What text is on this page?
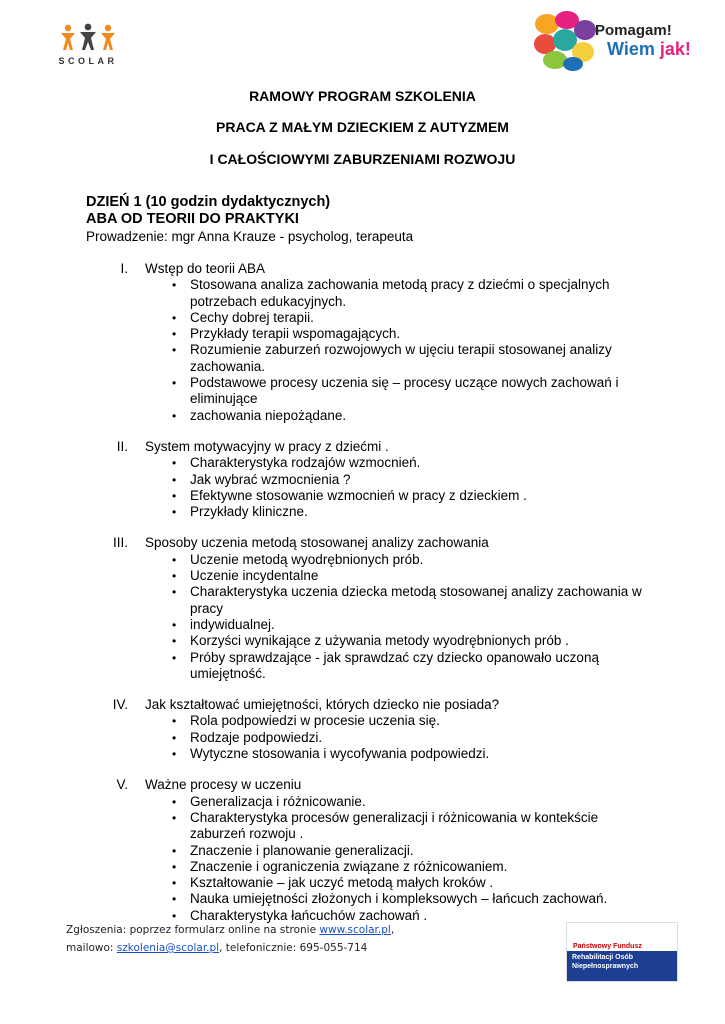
SCOLAR
Pomagam!
Wiem jak!
RAMOWY PROGRAM SZKOLENIA
PRACA Z MAŁYM DZIECKIEM Z AUTYZMEM
I CAŁOŚCIOWYMI ZABURZENIAMI ROZWOJU
DZIEŃ 1 (10 godzin dydaktycznych)
ABA OD TEORII DO PRAKTYKI
Prowadzenie: mgr Anna Krauze - psycholog, terapeuta
I. Wstęp do teorii ABA
• Stosowana analiza zachowania metodą pracy z dziećmi o specjalnych potrzebach edukacyjnych.
• Cechy dobrej terapii.
• Przykłady terapii wspomagających.
• Rozumienie zaburzeń rozwojowych w ujęciu terapii stosowanej analizy zachowania.
• Podstawowe procesy uczenia się – procesy uczące nowych zachowań i eliminujące
• zachowania niepożądane.
II. System motywacyjny w pracy z dziećmi .
• Charakterystyka rodzajów wzmocnień.
• Jak wybrać wzmocnienia ?
• Efektywne stosowanie wzmocnień w pracy z dzieckiem .
• Przykłady kliniczne.
III. Sposoby uczenia metodą stosowanej analizy zachowania
• Uczenie metodą wyodrębnionych prób.
• Uczenie incydentalne
• Charakterystyka uczenia dziecka metodą stosowanej analizy zachowania w pracy
• indywidualnej.
• Korzyści wynikające z używania metody wyodrębnionych prób .
• Próby sprawdzające - jak sprawdzać czy dziecko opanowało uczoną umiejętność.
IV. Jak kształtować umiejętności, których dziecko nie posiada?
• Rola podpowiedzi w procesie uczenia się.
• Rodzaje podpowiedzi.
• Wytyczne stosowania i wycofywania podpowiedzi.
V. Ważne procesy w uczeniu
• Generalizacja i różnicowanie.
• Charakterystyka procesów generalizacji i różnicowania w kontekście zaburzeń rozwoju .
• Znaczenie i planowanie generalizacji.
• Znaczenie i ograniczenia związane z różnicowaniem.
• Kształtowanie – jak uczyć metodą małych kroków .
• Nauka umiejętności złożonych i kompleksowych – łańcuch zachowań.
• Charakterystyka łańcuchów zachowań .
Zgłoszenia: poprzez formularz online na stronie www.scolar.pl,
mailowo: szkolenia@scolar.pl, telefonicznie: 695-055-714	Państwowy Fundusz
Rehabilitacji Osób
Niepełnosprawnych
